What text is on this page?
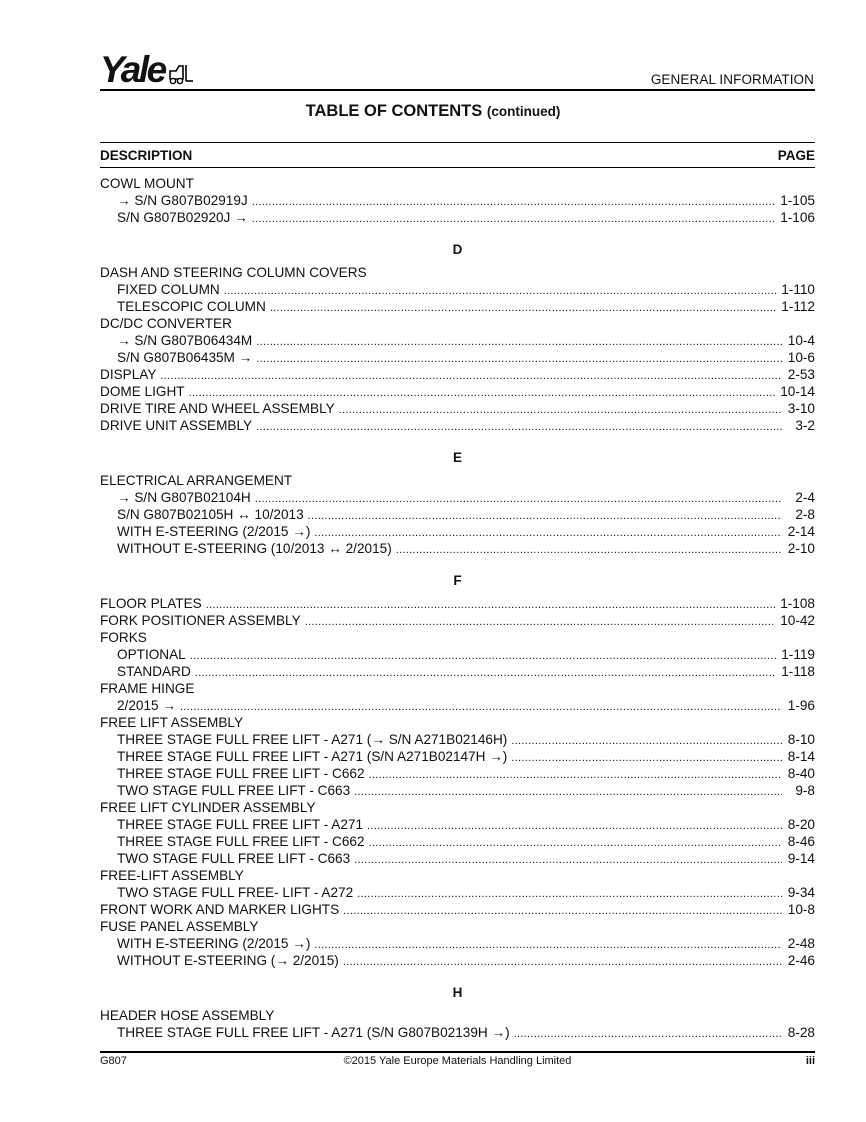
Yale	GENERAL INFORMATION
TABLE OF CONTENTS (continued)
DESCRIPTION	PAGE
COWL MOUNT
→ S/N G807B02919J .....	1-105
S/N G807B02920J → .....	1-106
D
DASH AND STEERING COLUMN COVERS
FIXED COLUMN .....	1-110
TELESCOPIC COLUMN .....	1-112
DC/DC CONVERTER
→ S/N G807B06434M .....	10-4
S/N G807B06435M → .....	10-6
DISPLAY .....	2-53
DOME LIGHT .....	10-14
DRIVE TIRE AND WHEEL ASSEMBLY .....	3-10
DRIVE UNIT ASSEMBLY .....	3-2
E
ELECTRICAL ARRANGEMENT
→ S/N G807B02104H .....	2-4
S/N G807B02105H ↔ 10/2013 .....	2-8
WITH E-STEERING (2/2015 →) .....	2-14
WITHOUT E-STEERING (10/2013 ↔ 2/2015) .....	2-10
F
FLOOR PLATES .....	1-108
FORK POSITIONER ASSEMBLY .....	10-42
FORKS
OPTIONAL .....	1-119
STANDARD .....	1-118
FRAME HINGE
2/2015 → .....	1-96
FREE LIFT ASSEMBLY
THREE STAGE FULL FREE LIFT - A271 (→ S/N A271B02146H) .....	8-10
THREE STAGE FULL FREE LIFT - A271 (S/N A271B02147H →) .....	8-14
THREE STAGE FULL FREE LIFT - C662 .....	8-40
TWO STAGE FULL FREE LIFT - C663 .....	9-8
FREE LIFT CYLINDER ASSEMBLY
THREE STAGE FULL FREE LIFT - A271 .....	8-20
THREE STAGE FULL FREE LIFT - C662 .....	8-46
TWO STAGE FULL FREE LIFT - C663 .....	9-14
FREE-LIFT ASSEMBLY
TWO STAGE FULL FREE- LIFT - A272 .....	9-34
FRONT WORK AND MARKER LIGHTS .....	10-8
FUSE PANEL ASSEMBLY
WITH E-STEERING (2/2015 →) .....	2-48
WITHOUT E-STEERING (→ 2/2015) .....	2-46
H
HEADER HOSE ASSEMBLY
THREE STAGE FULL FREE LIFT - A271 (S/N G807B02139H →) .....	8-28
G807	©2015 Yale Europe Materials Handling Limited	iii
